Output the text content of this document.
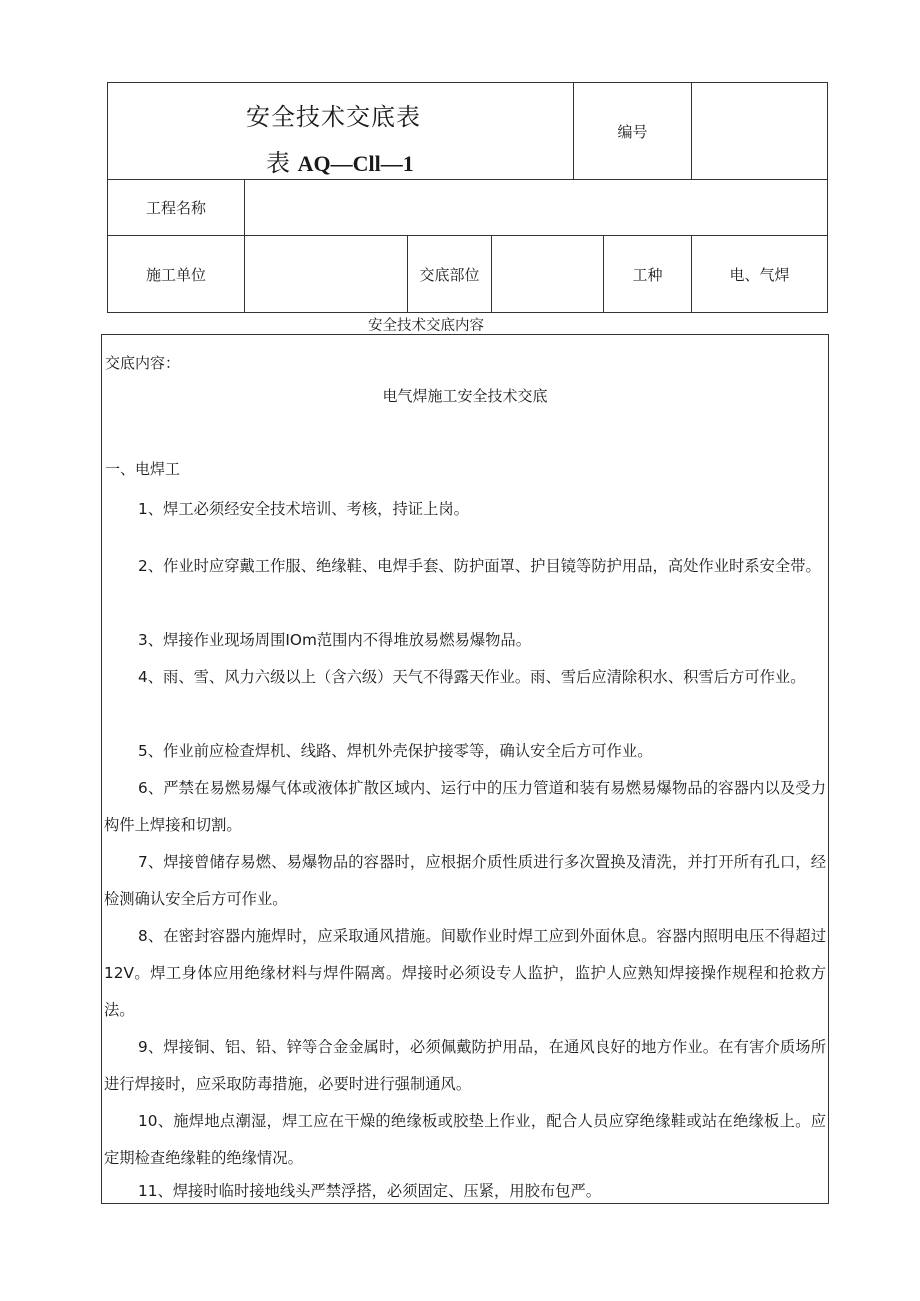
安全技术交底表
表 AQ—Cll—1				编号		
工程名称						
施工单位		交底部位			工种	电、气焊
安全技术交底内容
交底内容：
电气焊施工安全技术交底
一、电焊工
1、焊工必须经安全技术培训、考核，持证上岗。
2、作业时应穿戴工作服、绝缘鞋、电焊手套、防护面罩、护目镜等防护用品，高处作业时系安全带。
3、焊接作业现场周围IOm范围内不得堆放易燃易爆物品。
4、雨、雪、风力六级以上（含六级）天气不得露天作业。雨、雪后应清除积水、积雪后方可作业。
5、作业前应检查焊机、线路、焊机外壳保护接零等，确认安全后方可作业。
6、严禁在易燃易爆气体或液体扩散区域内、运行中的压力管道和装有易燃易爆物品的容器内以及受力构件上焊接和切割。
7、焊接曾储存易燃、易爆物品的容器时，应根据介质性质进行多次置换及清洗，并打开所有孔口，经检测确认安全后方可作业。
8、在密封容器内施焊时，应采取通风措施。间歇作业时焊工应到外面休息。容器内照明电压不得超过12V。焊工身体应用绝缘材料与焊件隔离。焊接时必须设专人监护，监护人应熟知焊接操作规程和抢救方法。
9、焊接铜、铝、铅、锌等合金金属时，必须佩戴防护用品，在通风良好的地方作业。在有害介质场所进行焊接时，应采取防毒措施，必要时进行强制通风。
10、施焊地点潮湿，焊工应在干燥的绝缘板或胶垫上作业，配合人员应穿绝缘鞋或站在绝缘板上。应定期检查绝缘鞋的绝缘情况。
11、焊接时临时接地线头严禁浮搭，必须固定、压紧，用胶布包严。
